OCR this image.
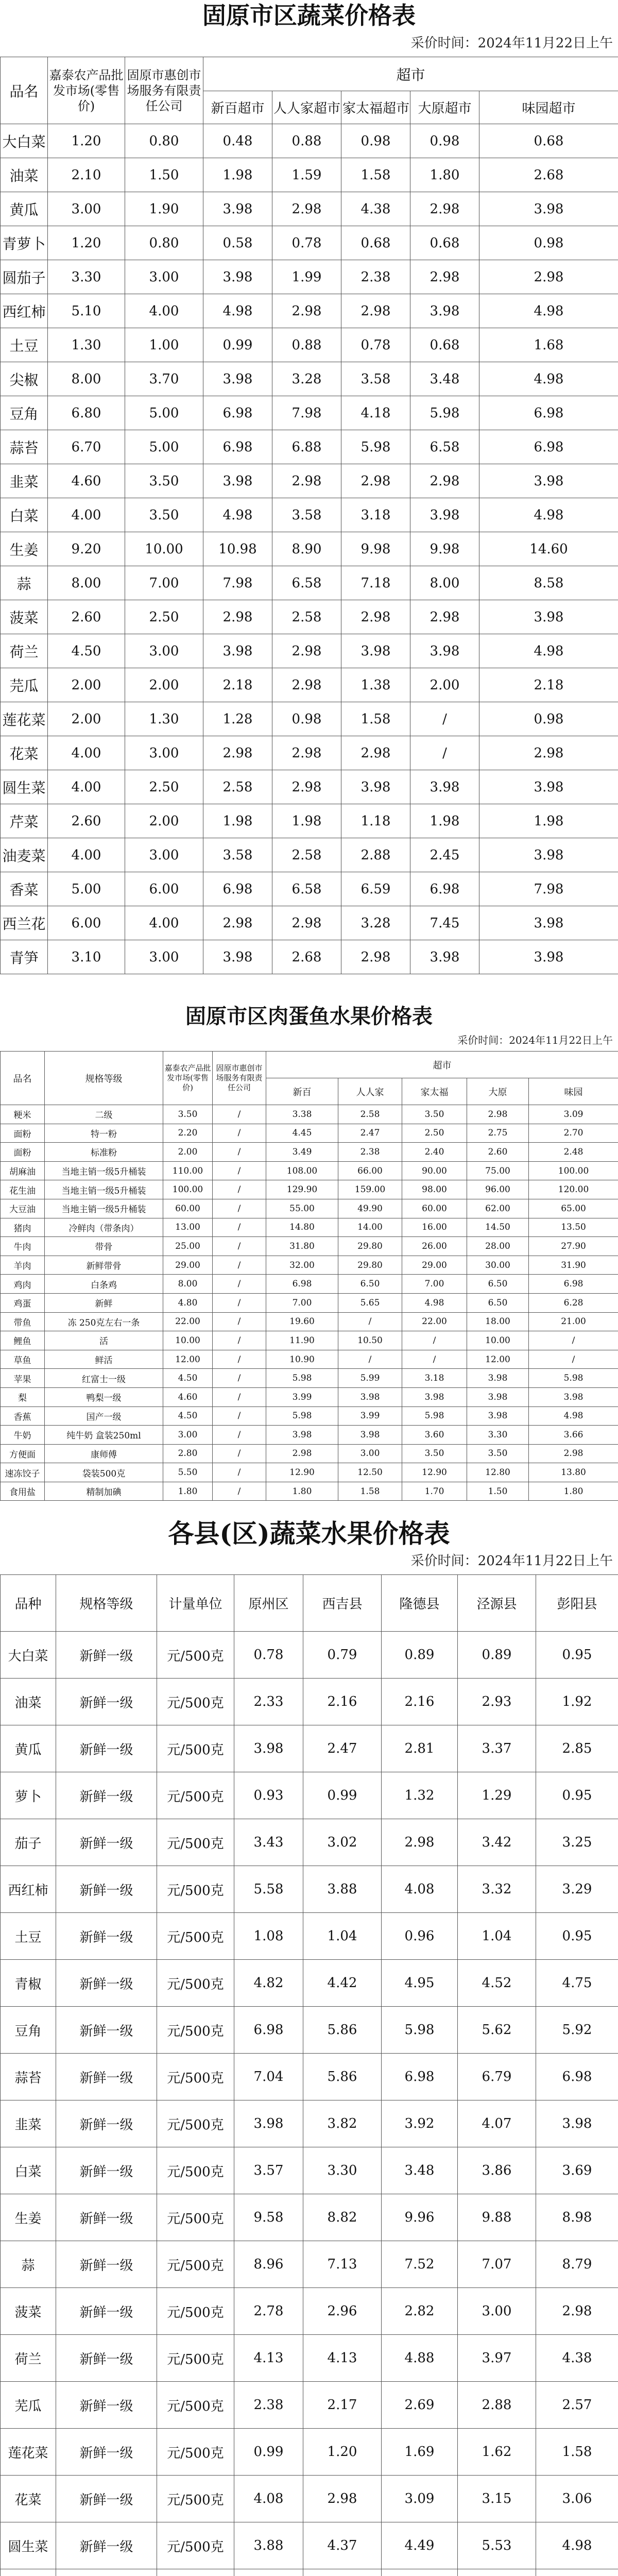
固原市区蔬菜价格表
采价时间：2024年11月22日上午
品名	嘉泰农产品批发市场(零售价)	固原市惠创市场服务有限责任公司	超市				
			新百超市	人人家超市	家太福超市	大原超市	味园超市
大白菜	1.20	0.80	0.48	0.88	0.98	0.98	0.68
油菜	2.10	1.50	1.98	1.59	1.58	1.80	2.68
黄瓜	3.00	1.90	3.98	2.98	4.38	2.98	3.98
青萝卜	1.20	0.80	0.58	0.78	0.68	0.68	0.98
圆茄子	3.30	3.00	3.98	1.99	2.38	2.98	2.98
西红柿	5.10	4.00	4.98	2.98	2.98	3.98	4.98
土豆	1.30	1.00	0.99	0.88	0.78	0.68	1.68
尖椒	8.00	3.70	3.98	3.28	3.58	3.48	4.98
豆角	6.80	5.00	6.98	7.98	4.18	5.98	6.98
蒜苔	6.70	5.00	6.98	6.88	5.98	6.58	6.98
韭菜	4.60	3.50	3.98	2.98	2.98	2.98	3.98
白菜	4.00	3.50	4.98	3.58	3.18	3.98	4.98
生姜	9.20	10.00	10.98	8.90	9.98	9.98	14.60
蒜	8.00	7.00	7.98	6.58	7.18	8.00	8.58
菠菜	2.60	2.50	2.98	2.58	2.98	2.98	3.98
荷兰	4.50	3.00	3.98	2.98	3.98	3.98	4.98
芫瓜	2.00	2.00	2.18	2.98	1.38	2.00	2.18
莲花菜	2.00	1.30	1.28	0.98	1.58	/	0.98
花菜	4.00	3.00	2.98	2.98	2.98	/	2.98
圆生菜	4.00	2.50	2.58	2.98	3.98	3.98	3.98
芹菜	2.60	2.00	1.98	1.98	1.18	1.98	1.98
油麦菜	4.00	3.00	3.58	2.58	2.88	2.45	3.98
香菜	5.00	6.00	6.98	6.58	6.59	6.98	7.98
西兰花	6.00	4.00	2.98	2.98	3.28	7.45	3.98
青笋	3.10	3.00	3.98	2.68	2.98	3.98	3.98
固原市区肉蛋鱼水果价格表
采价时间：2024年11月22日上午
品名	规格等级	嘉泰农产品批发市场(零售价)	固原市惠创市场服务有限责任公司	超市				
				新百	人人家	家太福	大原	味园
粳米	二级	3.50	/	3.38	2.58	3.50	2.98	3.09
面粉	特一粉	2.20	/	4.45	2.47	2.50	2.75	2.70
面粉	标准粉	2.00	/	3.49	2.38	2.40	2.60	2.48
胡麻油	当地主销一级5升桶装	110.00	/	108.00	66.00	90.00	75.00	100.00
花生油	当地主销一级5升桶装	100.00	/	129.90	159.00	98.00	96.00	120.00
大豆油	当地主销一级5升桶装	60.00	/	55.00	49.90	60.00	62.00	65.00
猪肉	冷鲜肉（带条肉）	13.00	/	14.80	14.00	16.00	14.50	13.50
牛肉	带骨	25.00	/	31.80	29.80	26.00	28.00	27.90
羊肉	新鲜带骨	29.00	/	32.00	29.80	29.00	30.00	31.90
鸡肉	白条鸡	8.00	/	6.98	6.50	7.00	6.50	6.98
鸡蛋	新鲜	4.80	/	7.00	5.65	4.98	6.50	6.28
带鱼	冻 250克左右一条	22.00	/	19.60	/	22.00	18.00	21.00
鲤鱼	活	10.00	/	11.90	10.50	/	10.00	/
草鱼	鲜活	12.00	/	10.90	/	/	12.00	/
苹果	红富士一级	4.50	/	5.98	5.99	3.18	3.98	5.98
梨	鸭梨一级	4.60	/	3.99	3.98	3.98	3.98	3.98
香蕉	国产一级	4.50	/	5.98	3.99	5.98	3.98	4.98
牛奶	纯牛奶 盒装250ml	3.00	/	3.98	3.98	3.60	3.30	3.66
方便面	康师傅	2.80	/	2.98	3.00	3.50	3.50	2.98
速冻饺子	袋装500克	5.50	/	12.90	12.50	12.90	12.80	13.80
食用盐	精制加碘	1.80	/	1.80	1.58	1.70	1.50	1.80
各县(区)蔬菜水果价格表
采价时间：2024年11月22日上午
品种	规格等级	计量单位	原州区	西吉县	隆德县	泾源县	彭阳县
大白菜	新鲜一级	元/500克	0.78	0.79	0.89	0.89	0.95
油菜	新鲜一级	元/500克	2.33	2.16	2.16	2.93	1.92
黄瓜	新鲜一级	元/500克	3.98	2.47	2.81	3.37	2.85
萝卜	新鲜一级	元/500克	0.93	0.99	1.32	1.29	0.95
茄子	新鲜一级	元/500克	3.43	3.02	2.98	3.42	3.25
西红柿	新鲜一级	元/500克	5.58	3.88	4.08	3.32	3.29
土豆	新鲜一级	元/500克	1.08	1.04	0.96	1.04	0.95
青椒	新鲜一级	元/500克	4.82	4.42	4.95	4.52	4.75
豆角	新鲜一级	元/500克	6.98	5.86	5.98	5.62	5.92
蒜苔	新鲜一级	元/500克	7.04	5.86	6.98	6.79	6.98
韭菜	新鲜一级	元/500克	3.98	3.82	3.92	4.07	3.98
白菜	新鲜一级	元/500克	3.57	3.30	3.48	3.86	3.69
生姜	新鲜一级	元/500克	9.58	8.82	9.96	9.88	8.98
蒜	新鲜一级	元/500克	8.96	7.13	7.52	7.07	8.79
菠菜	新鲜一级	元/500克	2.78	2.96	2.82	3.00	2.98
荷兰	新鲜一级	元/500克	4.13	4.13	4.88	3.97	4.38
芜瓜	新鲜一级	元/500克	2.38	2.17	2.69	2.88	2.57
莲花菜	新鲜一级	元/500克	0.99	1.20	1.69	1.62	1.58
花菜	新鲜一级	元/500克	4.08	2.98	3.09	3.15	3.06
圆生菜	新鲜一级	元/500克	3.88	4.37	4.49	5.53	4.98
